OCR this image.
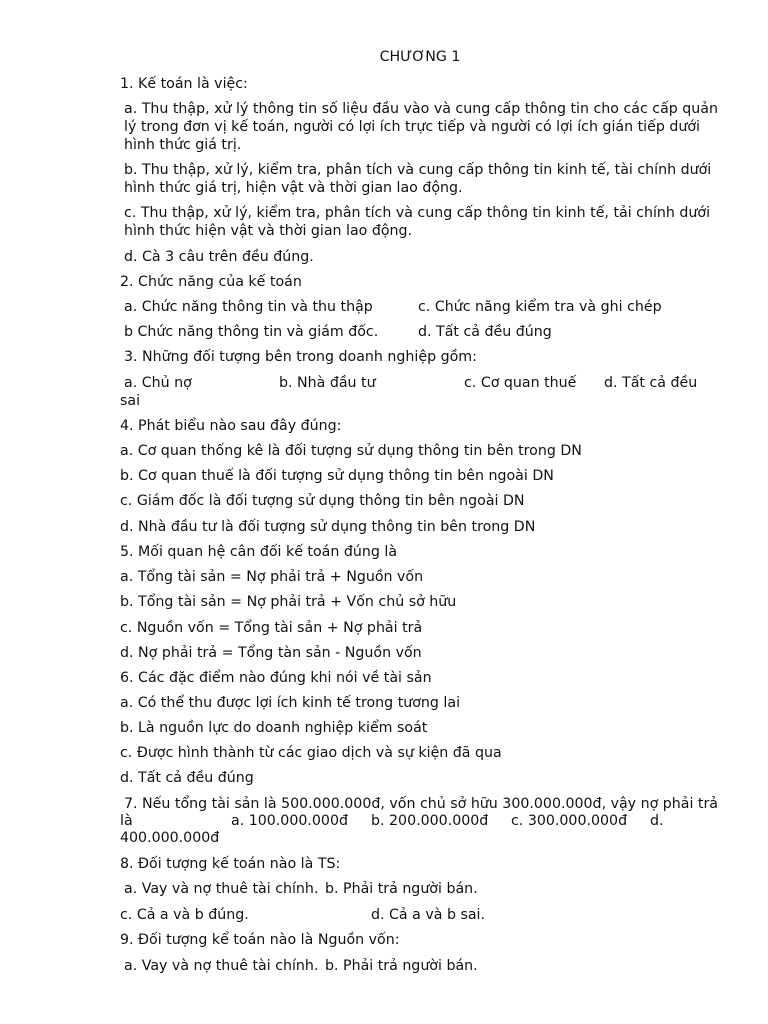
CHƯƠNG 1
1. Kế toán là việc:
a. Thu thập, xử lý thông tin số liệu đầu vào và cung cấp thông tin cho các cấp quản lý trong đơn vị kế toán, người có lợi ích trực tiếp và người có lợi ích gián tiếp dưới hình thức giá trị.
b. Thu thập, xử lý, kiểm tra, phân tích và cung cấp thông tin kinh tế, tài chính dưới hình thức giá trị, hiện vật và thời gian lao động.
c. Thu thập, xử lý, kiểm tra, phân tích và cung cấp thông tin kinh tế, tải chính dưới hình thức hiện vật và thời gian lao động.
d. Cà 3 câu trên đều đúng.
2. Chức năng của kế toán
a. Chức năng thông tin và thu thập	c. Chức năng kiểm tra và ghi chép
b Chức năng thông tin và giám đốc.	d. Tất cả đều đúng
3. Những đối tượng bên trong doanh nghiệp gồm:
a. Chủ nợ	b. Nhà đầu tư	c. Cơ quan thuế d. Tất cả đều
sai
4. Phát biểu nào sau đây đúng:
a. Cơ quan thống kê là đối tượng sử dụng thông tin bên trong DN
b. Cơ quan thuế là đối tượng sử dụng thông tin bên ngoài DN
c. Giám đốc là đối tượng sử dụng thông tin bên ngoài DN
d. Nhà đầu tư là đối tượng sử dụng thông tin bên trong DN
5. Mối quan hệ cân đối kế toán đúng là
a. Tổng tài sản = Nợ phải trả + Nguồn vốn
b. Tổng tài sản = Nợ phải trả + Vốn chủ sở hữu
c. Nguồn vốn = Tổng tài sản + Nợ phải trả
d. Nợ phải trả = Tổng tàn sản - Nguồn vốn
6. Các đặc điểm nào đúng khi nói về tài sản
a. Có thể thu được lợi ích kinh tế trong tương lai
b. Là nguồn lực do doanh nghiệp kiểm soát
c. Được hình thành từ các giao dịch và sự kiện đã qua
d. Tất cả đều đúng
7. Nếu tổng tài sản là 500.000.000đ, vốn chủ sở hữu 300.000.000đ, vậy nợ phải trả
là	a. 100.000.000đ b. 200.000.000đ c. 300.000.000đ d.
400.000.000đ
8. Đối tượng kế toán nào là TS:
a. Vay và nợ thuê tài chính. b. Phải trả người bán.
c. Cả a và b đúng.	d. Cả a và b sai.
9. Đối tượng kể toán nào là Nguồn vốn:
a. Vay và nợ thuê tài chính. b. Phải trả người bán.
